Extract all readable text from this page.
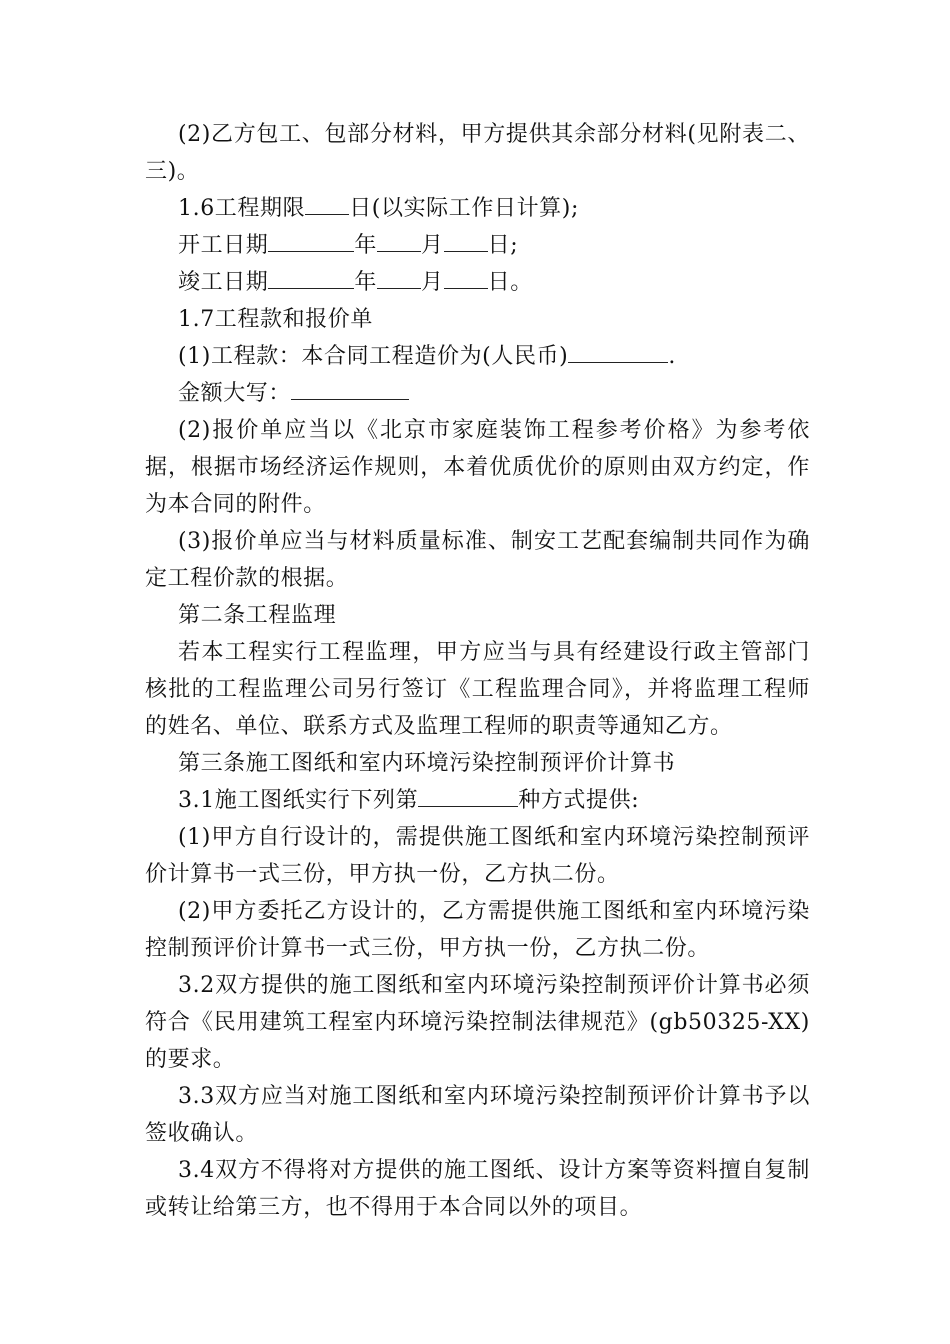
(2)乙方包工、包部分材料，甲方提供其余部分材料(见附表二、三)。

1.6工程期限 日(以实际工作日计算);

开工日期	年 月 日;

竣工日期	年 月 日。

1.7工程款和报价单

(1)工程款：本合同工程造价为(人民币)	.

金额大写：

(2)报价单应当以《北京市家庭装饰工程参考价格》为参考依据，根据市场经济运作规则，本着优质优价的原则由双方约定，作为本合同的附件。

(3)报价单应当与材料质量标准、制安工艺配套编制共同作为确定工程价款的根据。

第二条工程监理

若本工程实行工程监理，甲方应当与具有经建设行政主管部门核批的工程监理公司另行签订《工程监理合同》，并将监理工程师的姓名、单位、联系方式及监理工程师的职责等通知乙方。

第三条施工图纸和室内环境污染控制预评价计算书

3.1施工图纸实行下列第	种方式提供:

(1)甲方自行设计的，需提供施工图纸和室内环境污染控制预评价计算书一式三份，甲方执一份，乙方执二份。

(2)甲方委托乙方设计的，乙方需提供施工图纸和室内环境污染控制预评价计算书一式三份，甲方执一份，乙方执二份。

3.2双方提供的施工图纸和室内环境污染控制预评价计算书必须符合《民用建筑工程室内环境污染控制法律规范》(gb50325-XX)的要求。

3.3双方应当对施工图纸和室内环境污染控制预评价计算书予以签收确认。

3.4双方不得将对方提供的施工图纸、设计方案等资料擅自复制或转让给第三方，也不得用于本合同以外的项目。
